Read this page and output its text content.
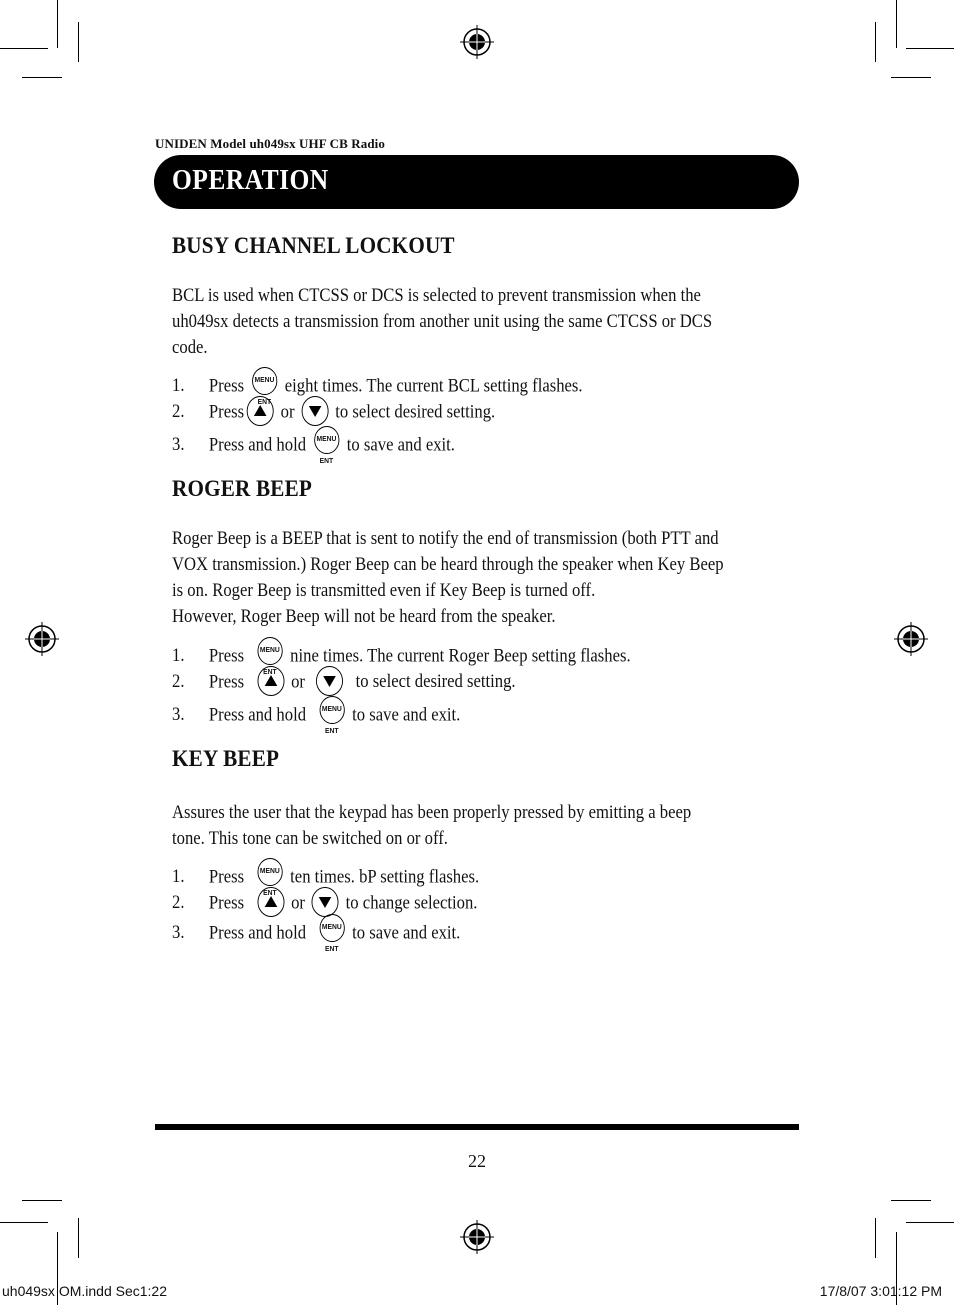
UNIDEN Model uh049sx UHF CB Radio
OPERATION
BUSY CHANNEL LOCKOUT
BCL is used when CTCSS or DCS is selected to prevent transmission when the
uh049sx detects a transmission from another unit using the same CTCSS or DCS
code.
1. Press MENU
ENT
eight times. The current BCL setting flashes.
2. Press or to select desired setting.
3. Press and hold MENU
ENT
to save and exit.
ROGER BEEP
Roger Beep is a BEEP that is sent to notify the end of transmission (both PTT and
VOX transmission.) Roger Beep can be heard through the speaker when Key Beep
is on. Roger Beep is transmitted even if Key Beep is turned off.
However, Roger Beep will not be heard from the speaker.
1. Press MENU
ENT
nine times. The current Roger Beep setting flashes.
2. Press	or	to select desired setting.
3. Press and hold MENU
ENT
to save and exit.
KEY BEEP
Assures the user that the keypad has been properly pressed by emitting a beep
tone. This tone can be switched on or off.
1. Press MENU
ENT
ten times. bP setting flashes.
2. Press	or to change selection.
3. Press and hold MENU
ENT
to save and exit.
22
uh049sx OM.indd Sec1:22	17/8/07 3:01:12 PM
